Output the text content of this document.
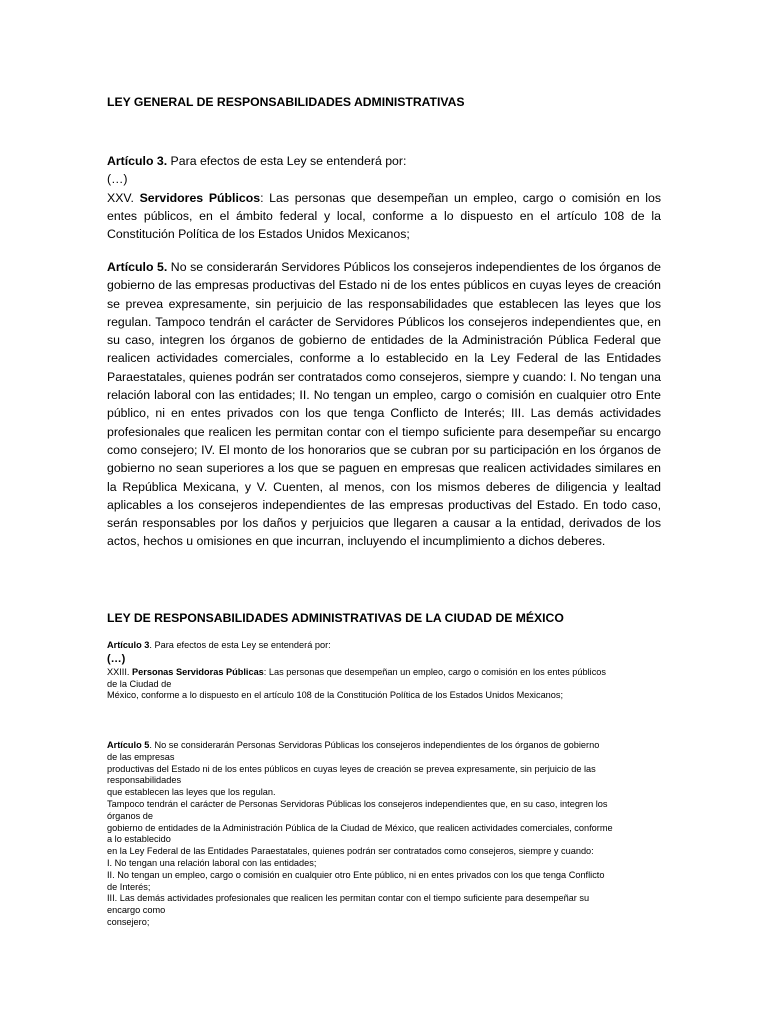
LEY GENERAL DE RESPONSABILIDADES ADMINISTRATIVAS

Artículo 3. Para efectos de esta Ley se entenderá por:

(…)

XXV. Servidores Públicos: Las personas que desempeñan un empleo, cargo o comisión en los entes públicos, en el ámbito federal y local, conforme a lo dispuesto en el artículo 108 de la Constitución Política de los Estados Unidos Mexicanos;

Artículo 5. No se considerarán Servidores Públicos los consejeros independientes de los órganos de gobierno de las empresas productivas del Estado ni de los entes públicos en cuyas leyes de creación se prevea expresamente, sin perjuicio de las responsabilidades que establecen las leyes que los regulan. Tampoco tendrán el carácter de Servidores Públicos los consejeros independientes que, en su caso, integren los órganos de gobierno de entidades de la Administración Pública Federal que realicen actividades comerciales, conforme a lo establecido en la Ley Federal de las Entidades Paraestatales, quienes podrán ser contratados como consejeros, siempre y cuando: I. No tengan una relación laboral con las entidades; II. No tengan un empleo, cargo o comisión en cualquier otro Ente público, ni en entes privados con los que tenga Conflicto de Interés; III. Las demás actividades profesionales que realicen les permitan contar con el tiempo suficiente para desempeñar su encargo como consejero; IV. El monto de los honorarios que se cubran por su participación en los órganos de gobierno no sean superiores a los que se paguen en empresas que realicen actividades similares en la República Mexicana, y V. Cuenten, al menos, con los mismos deberes de diligencia y lealtad aplicables a los consejeros independientes de las empresas productivas del Estado. En todo caso, serán responsables por los daños y perjuicios que llegaren a causar a la entidad, derivados de los actos, hechos u omisiones en que incurran, incluyendo el incumplimiento a dichos deberes.

LEY DE RESPONSABILIDADES ADMINISTRATIVAS DE LA CIUDAD DE MÉXICO
Artículo 3. Para efectos de esta Ley se entenderá por:
(…)
XXIII. Personas Servidoras Públicas: Las personas que desempeñan un empleo, cargo o comisión en los entes públicos
de la Ciudad de
México, conforme a lo dispuesto en el artículo 108 de la Constitución Política de los Estados Unidos Mexicanos;
Artículo 5. No se considerarán Personas Servidoras Públicas los consejeros independientes de los órganos de gobierno
de las empresas
productivas del Estado ni de los entes públicos en cuyas leyes de creación se prevea expresamente, sin perjuicio de las
responsabilidades
que establecen las leyes que los regulan.
Tampoco tendrán el carácter de Personas Servidoras Públicas los consejeros independientes que, en su caso, integren los
órganos de
gobierno de entidades de la Administración Pública de la Ciudad de México, que realicen actividades comerciales, conforme
a lo establecido
en la Ley Federal de las Entidades Paraestatales, quienes podrán ser contratados como consejeros, siempre y cuando:
I. No tengan una relación laboral con las entidades;
II. No tengan un empleo, cargo o comisión en cualquier otro Ente público, ni en entes privados con los que tenga Conflicto
de Interés;
III. Las demás actividades profesionales que realicen les permitan contar con el tiempo suficiente para desempeñar su
encargo como
consejero;
